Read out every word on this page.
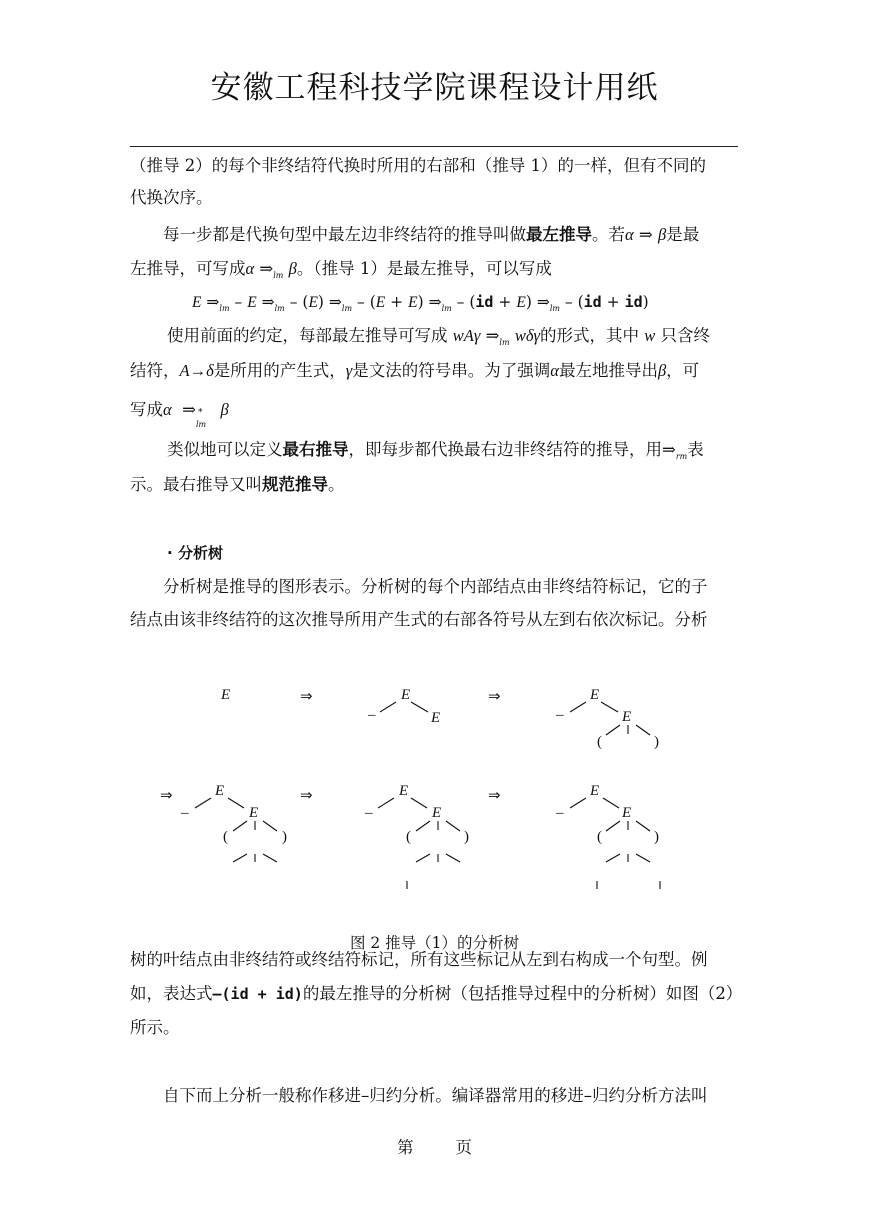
安徽工程科技学院课程设计用纸
（推导 2）的每个非终结符代换时所用的右部和（推导 1）的一样，但有不同的
代换次序。
每一步都是代换句型中最左边非终结符的推导叫做最左推导。若α ⇒ β是最
左推导，可写成α $\Rightarrow_{lm}$ β。（推导 1）是最左推导，可以写成
E $\Rightarrow_{lm}$ – E $\Rightarrow_{lm} - (E)$ $\Rightarrow_{lm} - (E + E)$ $\Rightarrow_{lm} - (id + E)$ $\Rightarrow_{lm} - (id + id)$
使用前面的约定，每部最左推导可写成 wAγ $\Rightarrow_{lm}$ wδγ的形式，其中 w 只含终
结符，A→δ是所用的产生式，γ是文法的符号串。为了强调α最左地推导出β，可
写成α ⇒ *
lm
β
类似地可以定义最右推导，即每步都代换最右边非终结符的推导，用$\Rightarrow_{rm}$表
示。最右推导又叫规范推导。
· 分析树
分析树是推导的图形表示。分析树的每个内部结点由非终结符标记，它的子
结点由该非终结符的这次推导所用产生式的右部各符号从左到右依次标记。分析
E	⇒	E
–	E
⇒	E
–	E
(	)
⇒	E
–	E
(	)
⇒	E
–	E
(	)
⇒	E
–	E
(	)
图 2 推导（1）的分析树
树的叶结点由非终结符或终结符标记，所有这些标记从左到右构成一个句型。例
如，表达式–(id + id)的最左推导的分析树（包括推导过程中的分析树）如图（2）
所示。
自下而上分析一般称作移进–归约分析。编译器常用的移进–归约分析方法叫
第	页
